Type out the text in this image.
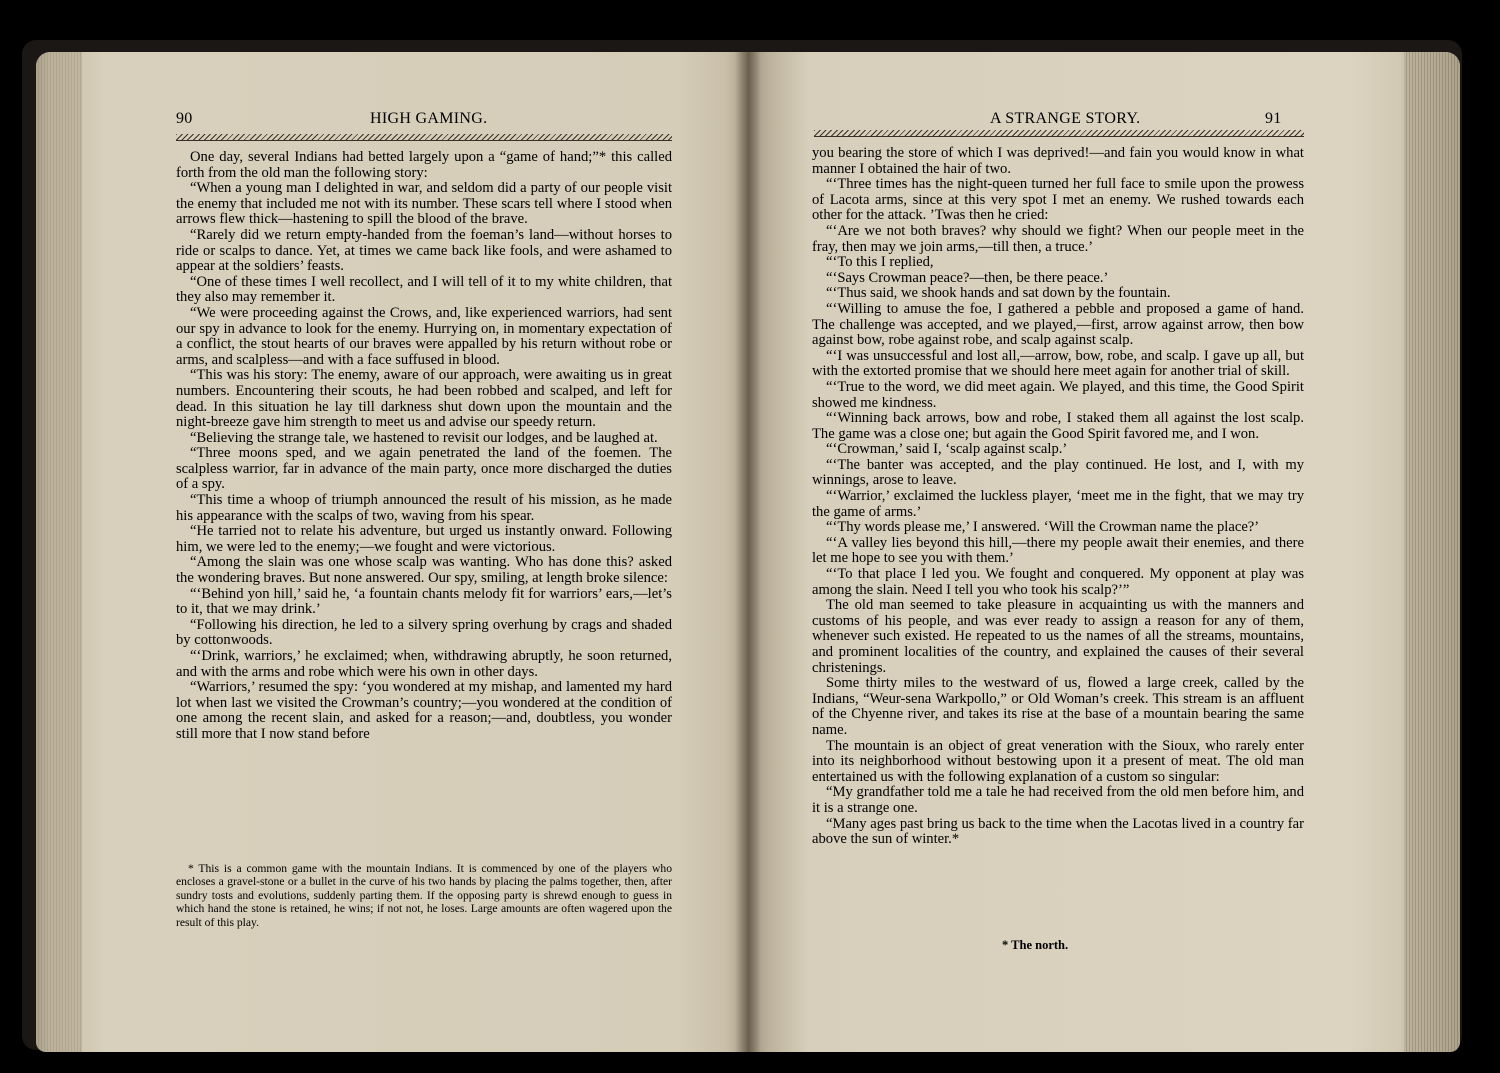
90	HIGH GAMING.	A STRANGE STORY.	91

One day, several Indians had betted largely upon a “game of hand;”* this called forth from the old man the following story:

“When a young man I delighted in war, and seldom did a party of our people visit the enemy that included me not with its number. These scars tell where I stood when arrows flew thick—hastening to spill the blood of the brave.

“Rarely did we return empty-handed from the foeman’s land—without horses to ride or scalps to dance. Yet, at times we came back like fools, and were ashamed to appear at the soldiers’ feasts.

“One of these times I well recollect, and I will tell of it to my white children, that they also may remember it.

“We were proceeding against the Crows, and, like experienced warriors, had sent our spy in advance to look for the enemy. Hurrying on, in momentary expectation of a conflict, the stout hearts of our braves were appalled by his return without robe or arms, and scalpless—and with a face suffused in blood.

“This was his story: The enemy, aware of our approach, were awaiting us in great numbers. Encountering their scouts, he had been robbed and scalped, and left for dead. In this situation he lay till darkness shut down upon the mountain and the night-breeze gave him strength to meet us and advise our speedy return.

“Believing the strange tale, we hastened to revisit our lodges, and be laughed at.

“Three moons sped, and we again penetrated the land of the foemen. The scalpless warrior, far in advance of the main party, once more discharged the duties of a spy.

“This time a whoop of triumph announced the result of his mission, as he made his appearance with the scalps of two, waving from his spear.

“He tarried not to relate his adventure, but urged us instantly onward. Following him, we were led to the enemy;—we fought and were victorious.

“Among the slain was one whose scalp was wanting. Who has done this? asked the wondering braves. But none answered. Our spy, smiling, at length broke silence:

“‘Behind yon hill,’ said he, ‘a fountain chants melody fit for warriors’ ears,—let’s to it, that we may drink.’

“Following his direction, he led to a silvery spring overhung by crags and shaded by cottonwoods.

“‘Drink, warriors,’ he exclaimed; when, withdrawing abruptly, he soon returned, and with the arms and robe which were his own in other days.

“Warriors,’ resumed the spy: ‘you wondered at my mishap, and lamented my hard lot when last we visited the Crowman’s country;—you wondered at the condition of one among the recent slain, and asked for a reason;—and, doubtless, you wonder still more that I now stand before

* This is a common game with the mountain Indians. It is commenced by one of the players who encloses a gravel-stone or a bullet in the curve of his two hands by placing the palms together, then, after sundry tosts and evolutions, suddenly parting them. If the opposing party is shrewd enough to guess in which hand the stone is retained, he wins; if not not, he loses. Large amounts are often wagered upon the result of this play.

you bearing the store of which I was deprived!—and fain you would know in what manner I obtained the hair of two.

“‘Three times has the night-queen turned her full face to smile upon the prowess of Lacota arms, since at this very spot I met an enemy. We rushed towards each other for the attack. ’Twas then he cried:

“‘Are we not both braves? why should we fight? When our people meet in the fray, then may we join arms,—till then, a truce.’

“‘To this I replied,

“‘Says Crowman peace?—then, be there peace.’

“‘Thus said, we shook hands and sat down by the fountain.

“‘Willing to amuse the foe, I gathered a pebble and proposed a game of hand. The challenge was accepted, and we played,—first, arrow against arrow, then bow against bow, robe against robe, and scalp against scalp.

“‘I was unsuccessful and lost all,—arrow, bow, robe, and scalp. I gave up all, but with the extorted promise that we should here meet again for another trial of skill.

“‘True to the word, we did meet again. We played, and this time, the Good Spirit showed me kindness.

“‘Winning back arrows, bow and robe, I staked them all against the lost scalp. The game was a close one; but again the Good Spirit favored me, and I won.

“‘Crowman,’ said I, ‘scalp against scalp.’

“‘The banter was accepted, and the play continued. He lost, and I, with my winnings, arose to leave.

“‘Warrior,’ exclaimed the luckless player, ‘meet me in the fight, that we may try the game of arms.’

“‘Thy words please me,’ I answered. ‘Will the Crowman name the place?’

“‘A valley lies beyond this hill,—there my people await their enemies, and there let me hope to see you with them.’

“‘To that place I led you. We fought and conquered. My opponent at play was among the slain. Need I tell you who took his scalp?’”

The old man seemed to take pleasure in acquainting us with the manners and customs of his people, and was ever ready to assign a reason for any of them, whenever such existed. He repeated to us the names of all the streams, mountains, and prominent localities of the country, and explained the causes of their several christenings.

Some thirty miles to the westward of us, flowed a large creek, called by the Indians, “Weur-sena Warkpollo,” or Old Woman’s creek. This stream is an affluent of the Chyenne river, and takes its rise at the base of a mountain bearing the same name.

The mountain is an object of great veneration with the Sioux, who rarely enter into its neighborhood without bestowing upon it a present of meat. The old man entertained us with the following explanation of a custom so singular:

“My grandfather told me a tale he had received from the old men before him, and it is a strange one.

“Many ages past bring us back to the time when the Lacotas lived in a country far above the sun of winter.*

* The north.
